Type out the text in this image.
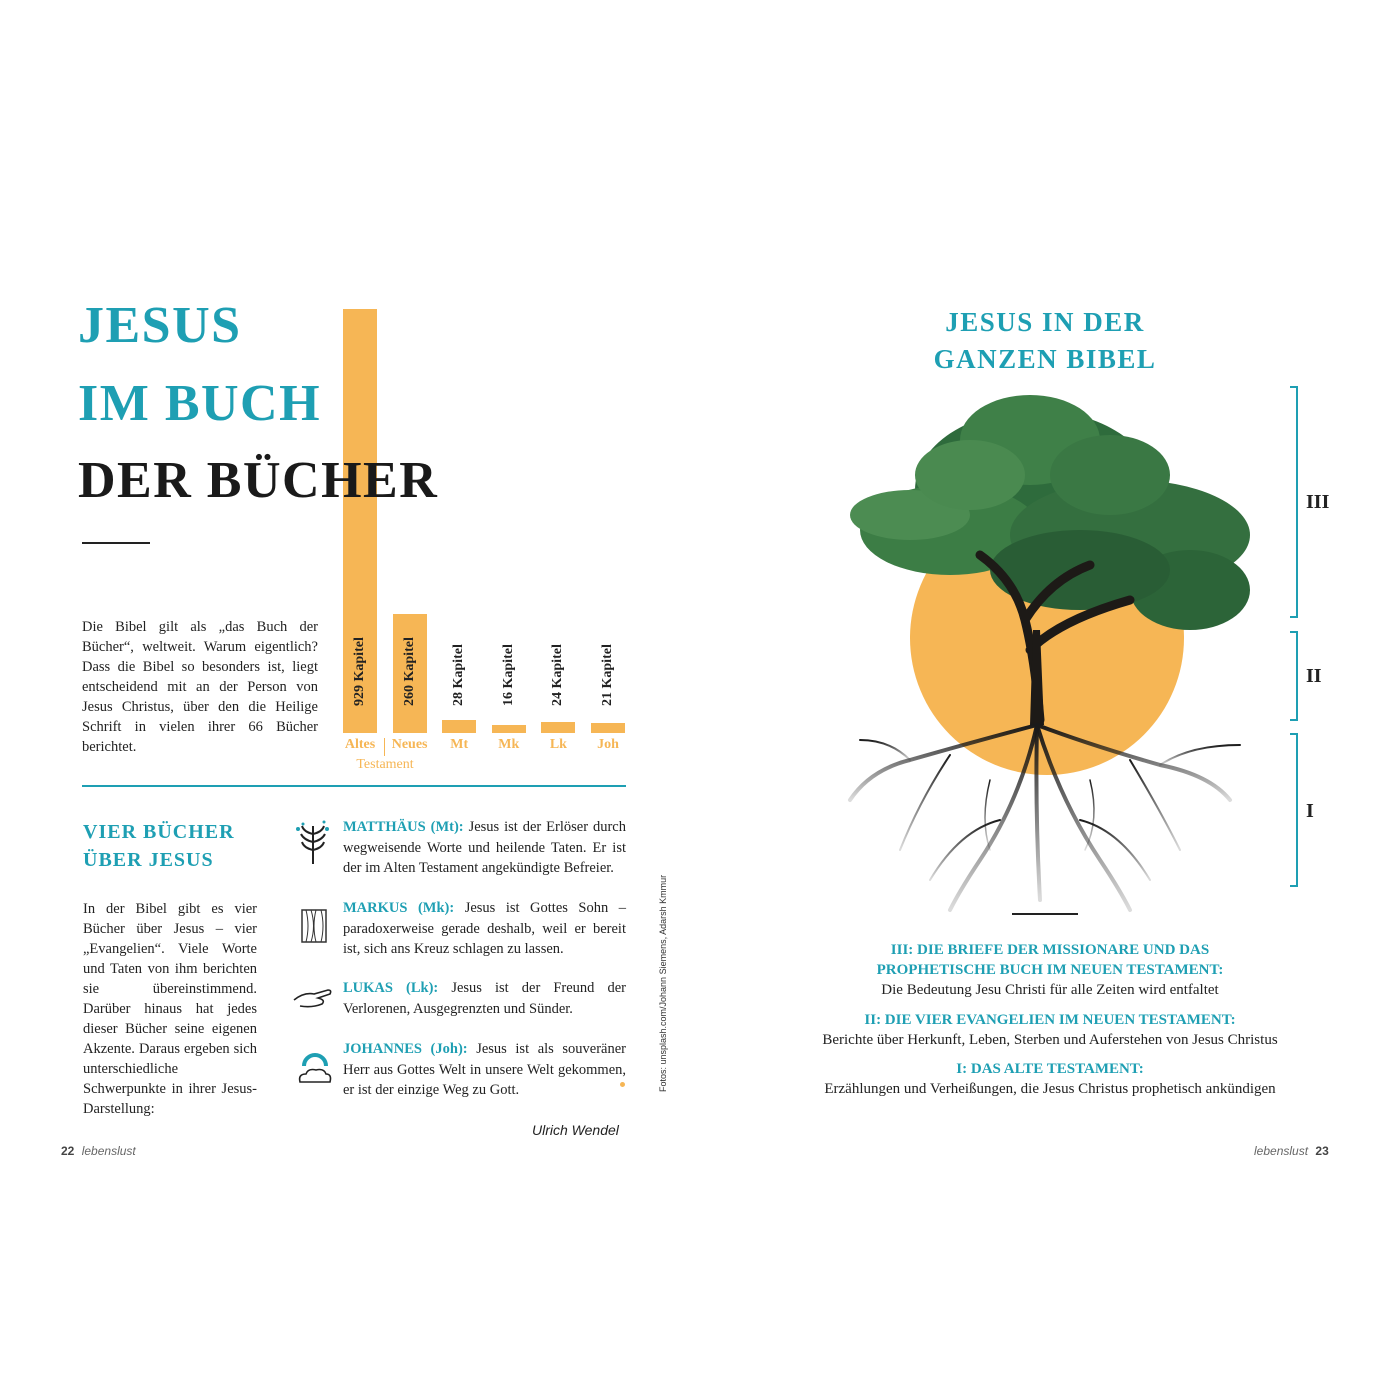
JESUS
IM BUCH
929 Kapitel
Altes
260 Kapitel
Neues
28 Kapitel
Mt
16 Kapitel
Mk
24 Kapitel
Lk
21 Kapitel
Joh
Testament
DER BÜCHER
Die Bibel gilt als „das Buch der Bücher“, weltweit. Warum eigentlich? Dass die Bibel so besonders ist, liegt entscheidend mit an der Person von Jesus Christus, über den die Heilige Schrift in vielen ihrer 66 Bücher berichtet.
VIER BÜCHER
ÜBER JESUS
In der Bibel gibt es vier Bücher über Jesus – vier „Evangelien“. Viele Worte und Taten von ihm berichten sie übereinstimmend. Darüber hinaus hat jedes dieser Bücher seine eigenen Akzente. Daraus ergeben sich unterschiedliche Schwerpunkte in ihrer Jesus-Darstellung:
MATTHÄUS (Mt): Jesus ist der Erlöser durch wegweisende Worte und heilende Taten. Er ist der im Alten Testament angekündigte Befreier.
MARKUS (Mk): Jesus ist Gottes Sohn – paradoxerweise gerade deshalb, weil er bereit ist, sich ans Kreuz schlagen zu lassen.
LUKAS (Lk): Jesus ist der Freund der Verlorenen, Ausgegrenzten und Sünder.
JOHANNES (Joh): Jesus ist als souveräner Herr aus Gottes Welt in unsere Welt gekommen, er ist der einzige Weg zu Gott.
Ulrich Wendel
Fotos: unsplash.com/Johann Siemens, Adarsh Kmmur
22 lebenslust
JESUS IN DER
GANZEN BIBEL
III
II
I
III: DIE BRIEFE DER MISSIONARE UND DAS PROPHETISCHE BUCH IM NEUEN TESTAMENT:
Die Bedeutung Jesu Christi für alle Zeiten wird entfaltet
II: DIE VIER EVANGELIEN IM NEUEN TESTAMENT:
Berichte über Herkunft, Leben, Sterben und Auferstehen von Jesus Christus
I: DAS ALTE TESTAMENT:
Erzählungen und Verheißungen, die Jesus Christus prophetisch ankündigen
lebenslust 23
